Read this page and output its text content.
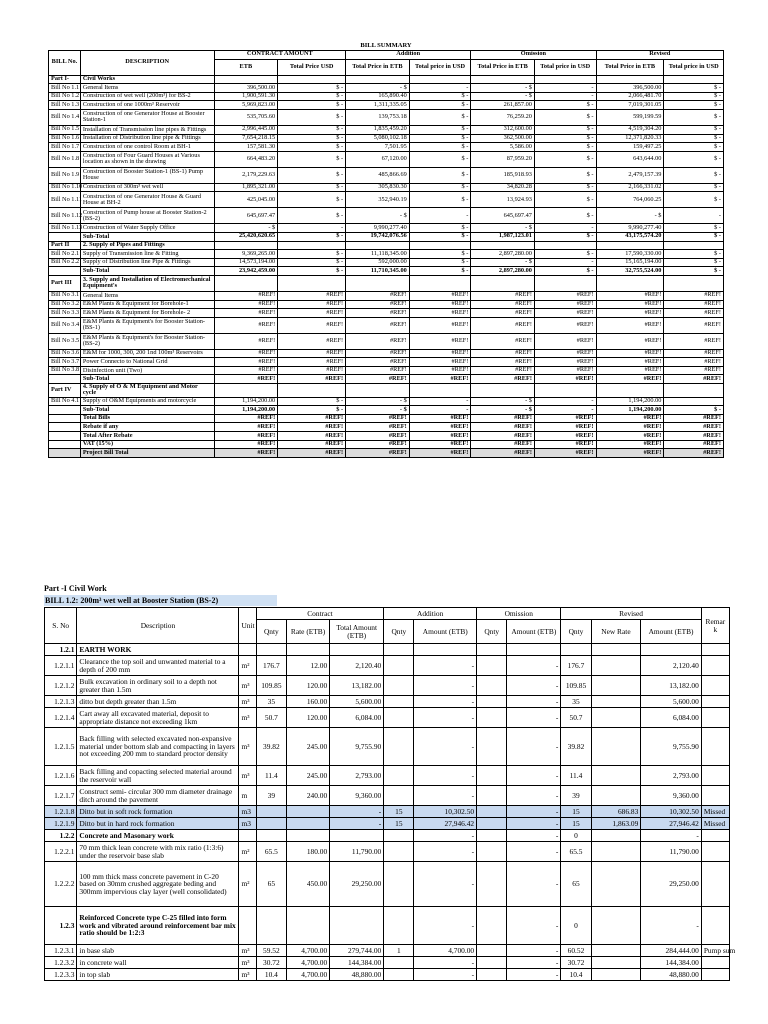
BILL SUMMARY

BILL No.	DESCRIPTION	CONTRACT AMOUNT		Addition		Omission		Revised	
		ETB	Total Price USD	Total Price in ETB	Total price in USD	Total Price in ETB	Total price in USD	Total Price in ETB	Total price in USD
Part I-	Civil Works								
Bill No 1.1	General Items	396,500.00	$ -	- $	-	- $	-	396,500.00	$ -
Bill No 1.2	Construction of wet well (200m³) for BS-2	1,900,591.30	$ -	165,890.40	$ -	- $	-	2,066,481.70	$ -
Bill No 1.3	Construction of one 1000m³ Reservoir	5,969,823.00	$ -	1,311,335.05	$ -	261,857.00	$ -	7,019,301.05	$ -
Bill No 1.4	Construction of one Generator House at Booster Station-1	535,705.60	$ -	139,753.18	$ -	76,259.20	$ -	599,199.59	$ -
Bill No 1.5	Installation of Transmission line pipes & Fittings	2,996,445.00	$ -	1,835,459.20	$ -	312,600.00	$ -	4,519,304.20	$ -
Bill No 1.6	Installation of Distribution line pipe & Fittings	7,654,218.15	$ -	5,080,102.18	$ -	362,500.00	$ -	12,371,820.33	$ -
Bill No 1.7	Construction of one control Room at BH-1	157,581.30	$ -	7,501.95	$ -	5,586.00	$ -	159,497.25	$ -
Bill No 1.8	Construction of Four Guard Houses at Various location as shown in the drawing	664,483.20	$ -	67,120.00	$ -	87,959.20	$ -	643,644.00	$ -
Bill No 1.9	Construction of Booster Station-1 (BS-1) Pump House	2,179,229.63	$ -	485,866.69	$ -	185,918.93	$ -	2,479,157.39	$ -
Bill No 1.10	Construction of 300m³ wet well	1,895,321.00	$ -	305,830.30	$ -	34,820.28	$ -	2,166,331.02	$ -
Bill No 1.11	Construction of one Generator House & Guard House at BH-2	425,045.00	$ -	352,940.19	$ -	13,924.93	$ -	764,060.25	$ -
Bill No 1.12	Construction of Pump house at Booster Station-2 (BS-2)	645,697.47	$ -	- $	-	645,697.47	$ -	- $	-
Bill No 1.13	Construction of Water Supply Office	- $	-	9,990,277.40	$ -	- $	-	9,990,277.40	$ -
	Sub-Total	25,420,620.65	$ -	19,742,076.56	$ -	1,987,123.01	$ -	43,175,574.20	$ -
Part II	2. Supply of Pipes and Fittings								
Bill No 2.1	Supply of Transmission line & Fitting	9,369,265.00	$ -	11,118,345.00	$ -	2,897,280.00	$ -	17,590,330.00	$ -
Bill No 2.2	Supply of Distribution line Pipe & Fittings	14,573,194.00	$ -	592,000.00	$ -	- $	-	15,165,194.00	$ -
	Sub-Total	23,942,459.00	$ -	11,710,345.00	$ -	2,897,280.00	$ -	32,755,524.00	$ -
Part III	3. Supply and Installation of Electromechanical Equipment's								
Bill No 3.1	General Items	#REF!	#REF!	#REF!	#REF!	#REF!	#REF!	#REF!	#REF!
Bill No 3.2	E&M Plants & Equipment for Borehole-1	#REF!	#REF!	#REF!	#REF!	#REF!	#REF!	#REF!	#REF!
Bill No 3.3	E&M Plants & Equipment for Borehole- 2	#REF!	#REF!	#REF!	#REF!	#REF!	#REF!	#REF!	#REF!
Bill No 3.4	E&M Plants & Equipment's for Booster Station- (BS-1)	#REF!	#REF!	#REF!	#REF!	#REF!	#REF!	#REF!	#REF!
Bill No 3.5	E&M Plants & Equipment's for Booster Station- (BS-2)	#REF!	#REF!	#REF!	#REF!	#REF!	#REF!	#REF!	#REF!
Bill No 3.6	E&M for 1000, 300, 200 1nd 100m³ Reservoirs	#REF!	#REF!	#REF!	#REF!	#REF!	#REF!	#REF!	#REF!
Bill No 3.7	Power Connecto to National Grid	#REF!	#REF!	#REF!	#REF!	#REF!	#REF!	#REF!	#REF!
Bill No 3.8	Disinfection unit (Two)	#REF!	#REF!	#REF!	#REF!	#REF!	#REF!	#REF!	#REF!
	Sub-Total	#REF!	#REF!	#REF!	#REF!	#REF!	#REF!	#REF!	#REF!
Part IV	4. Supply of O & M Equipment and Motor cycle								
Bill No 4.1	Supply of O&M Equipments and motorcycle	1,194,200.00	$ -	- $	-	- $	-	1,194,200.00	
	Sub-Total	1,194,200.00	$ -	- $	-	- $	-	1,194,200.00	$ -
	Total Bills	#REF!	#REF!	#REF!	#REF!	#REF!	#REF!	#REF!	#REF!
	Rebate if any	#REF!	#REF!	#REF!	#REF!	#REF!	#REF!	#REF!	#REF!
	Total After Rebate	#REF!	#REF!	#REF!	#REF!	#REF!	#REF!	#REF!	#REF!
	VAT (15%)	#REF!	#REF!	#REF!	#REF!	#REF!	#REF!	#REF!	#REF!
	Project Bill Total	#REF!	#REF!	#REF!	#REF!	#REF!	#REF!	#REF!	#REF!
Part -I Civil Work
BILL 1.2: 200m³ wet well at Booster Station (BS-2)
S. No	Description	Unit	Contract			Addition		Omission		Revised			Remar k
			Qnty	Rate (ETB)	Total Amount (ETB)	Qnty	Amount (ETB)	Qnty	Amount (ETB)	Qnty	New Rate	Amount (ETB)	
1.2.1	EARTH WORK												
1.2.1.1	Clearance the top soil and unwanted material to a depth of 200 mm	m²	176.7	12.00	2,120.40		-		-	176.7		2,120.40	
1.2.1.2	Bulk excavation in ordinary soil to a depth not greater than 1.5m	m³	109.85	120.00	13,182.00		-		-	109.85		13,182.00	
1.2.1.3	ditto but depth greater than 1.5m	m³	35	160.00	5,600.00		-		-	35		5,600.00	
1.2.1.4	Cart away all excavated material, deposit to appropriate distance not exceeding 1km	m³	50.7	120.00	6,084.00		-		-	50.7		6,084.00	
1.2.1.5	Back filling with selected excavated non-expansive material under bottom slab and compacting in layers not exceeding 200 mm to standard proctor density	m³	39.82	245.00	9,755.90		-		-	39.82		9,755.90	
1.2.1.6	Back filling and copacting selected material around the reservoir wall	m³	11.4	245.00	2,793.00		-		-	11.4		2,793.00	
1.2.1.7	Construct semi- circular 300 mm diameter drainage ditch around the pavement	m	39	240.00	9,360.00		-		-	39		9,360.00	
1.2.1.8	Ditto but in soft rock formation	m3			-	15	10,302.50		-	15	686.83	10,302.50	Missed
1.2.1.9	Ditto but in hard rock formation	m3			-	15	27,946.42		-	15	1,863.09	27,946.42	Missed
1.2.2	Concrete and Masonary work						-		-	0		-	
1.2.2.1	70 mm thick lean concrete with mix ratio (1:3:6) under the reservoir base slab	m²	65.5	180.00	11,790.00		-		-	65.5		11,790.00	
1.2.2.2	100 mm thick mass concrete pavement in C-20 based on 30mm crushed aggregate beding and 300mm impervious clay layer (well consolidated)	m²	65	450.00	29,250.00		-		-	65		29,250.00	
1.2.3	Reinforced Concrete type C-25 filled into form work and vibrated around reinforcement bar mix ratio should be 1:2:3						-		-	0		-	
1.2.3.1	in base slab	m³	59.52	4,700.00	279,744.00	1	4,700.00		-	60.52		284,444.00	Pump sum
1.2.3.2	in concrete wall	m³	30.72	4,700.00	144,384.00		-		-	30.72		144,384.00	
1.2.3.3	in top slab	m³	10.4	4,700.00	48,880.00		-		-	10.4		48,880.00	
